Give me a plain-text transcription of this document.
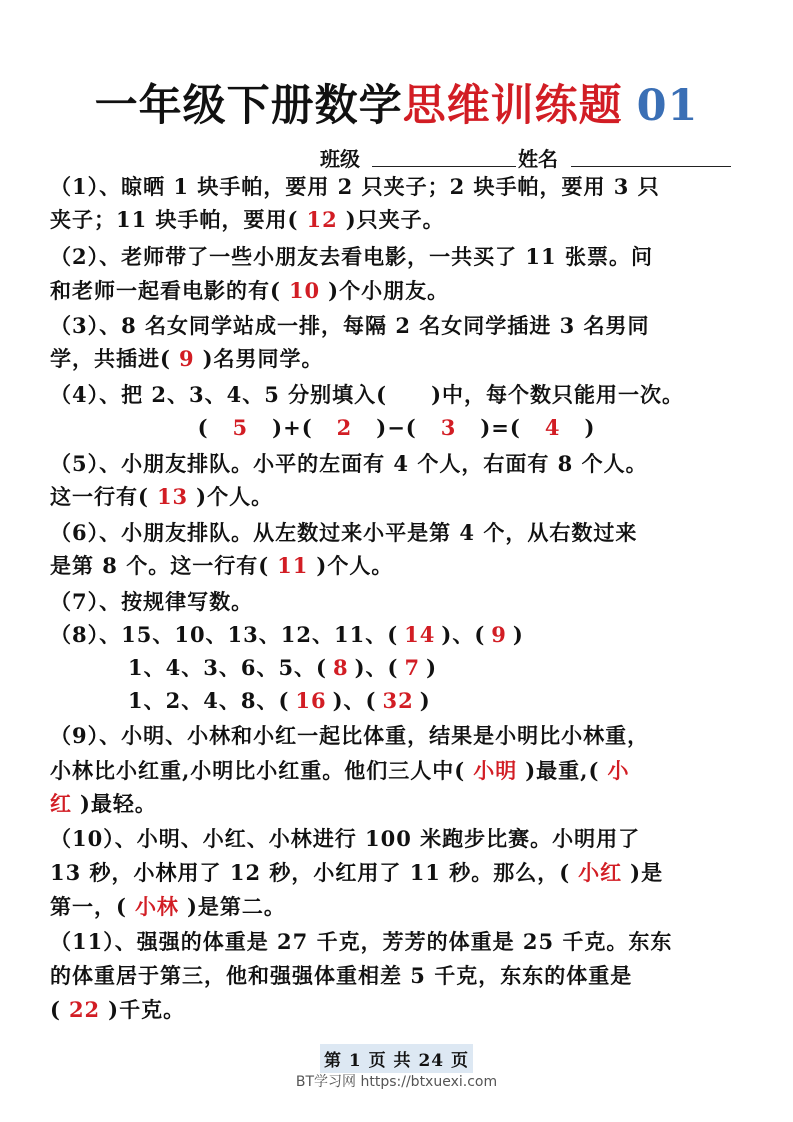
一年级下册数学思维训练题 01
班级	姓名
（1）、晾晒 1 块手帕，要用 2 只夹子；2 块手帕，要用 3 只
夹子；11 块手帕，要用( 12 )只夹子。
（2）、老师带了一些小朋友去看电影，一共买了 11 张票。问
和老师一起看电影的有( 10 )个小朋友。
（3）、8 名女同学站成一排，每隔 2 名女同学插进 3 名男同
学，共插进( 9 )名男同学。
（4）、把 2、3、4、5 分别填入(　　)中，每个数只能用一次。
( 5 )+( 2 )−( 3 )=( 4 )
（5）、小朋友排队。小平的左面有 4 个人，右面有 8 个人。
这一行有( 13 )个人。
（6）、小朋友排队。从左数过来小平是第 4 个，从右数过来
是第 8 个。这一行有( 11 )个人。
（7）、按规律写数。
（8）、15、10、13、12、11、( 14 )、( 9 )
1、4、3、6、5、( 8 )、( 7 )
1、2、4、8、( 16 )、( 32 )
（9）、小明、小林和小红一起比体重，结果是小明比小林重，
小林比小红重,小明比小红重。他们三人中( 小明 )最重,( 小
红 )最轻。
（10）、小明、小红、小林进行 100 米跑步比赛。小明用了
13 秒，小林用了 12 秒，小红用了 11 秒。那么，( 小红 )是
第一，( 小林 )是第二。
（11）、强强的体重是 27 千克，芳芳的体重是 25 千克。东东
的体重居于第三，他和强强体重相差 5 千克，东东的体重是
( 22 )千克。
第 1 页 共 24 页
BT学习网 https://btxuexi.com
